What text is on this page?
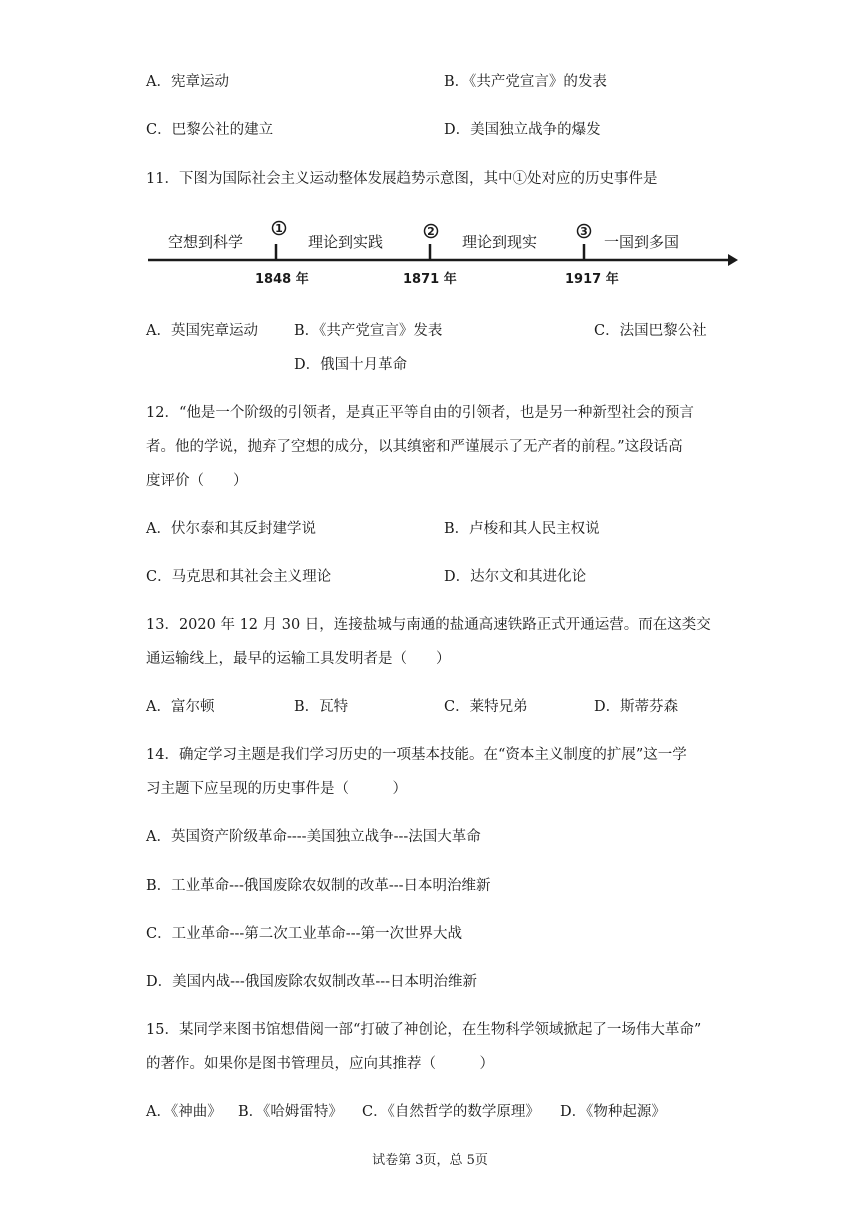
A．宪章运动	B．《共产党宣言》的发表
C．巴黎公社的建立	D．美国独立战争的爆发
11．下图为国际社会主义运动整体发展趋势示意图，其中①处对应的历史事件是
1	2	3
空想到科学	理论到实践	理论到现实	一国到多国
1848 年	1871 年	1917 年
A．英国宪章运动 B．《共产党宣言》发表	C．法国巴黎公社
D．俄国十月革命
12．“他是一个阶级的引领者，是真正平等自由的引领者，也是另一种新型社会的预言
者。他的学说，抛弃了空想的成分，以其缜密和严谨展示了无产者的前程。”这段话高
度评价（　　）
A．伏尔泰和其反封建学说	B．卢梭和其人民主权说
C．马克思和其社会主义理论	D．达尔文和其进化论
13．2020 年 12 月 30 日，连接盐城与南通的盐通高速铁路正式开通运营。而在这类交
通运输线上，最早的运输工具发明者是（　　）
A．富尔顿	B．瓦特	C．莱特兄弟	D．斯蒂芬森
14．确定学习主题是我们学习历史的一项基本技能。在“资本主义制度的扩展”这一学
习主题下应呈现的历史事件是（　　　）
A．英国资产阶级革命----美国独立战争---法国大革命
B．工业革命---俄国废除农奴制的改革---日本明治维新
C．工业革命---第二次工业革命---第一次世界大战
D．美国内战---俄国废除农奴制改革---日本明治维新
15．某同学来图书馆想借阅一部“打破了神创论，在生物科学领域掀起了一场伟大革命”
的著作。如果你是图书管理员，应向其推荐（　　　）
A．《神曲》 B．《哈姆雷特》 C．《自然哲学的数学原理》 D．《物种起源》
试卷第 3页，总 5页
